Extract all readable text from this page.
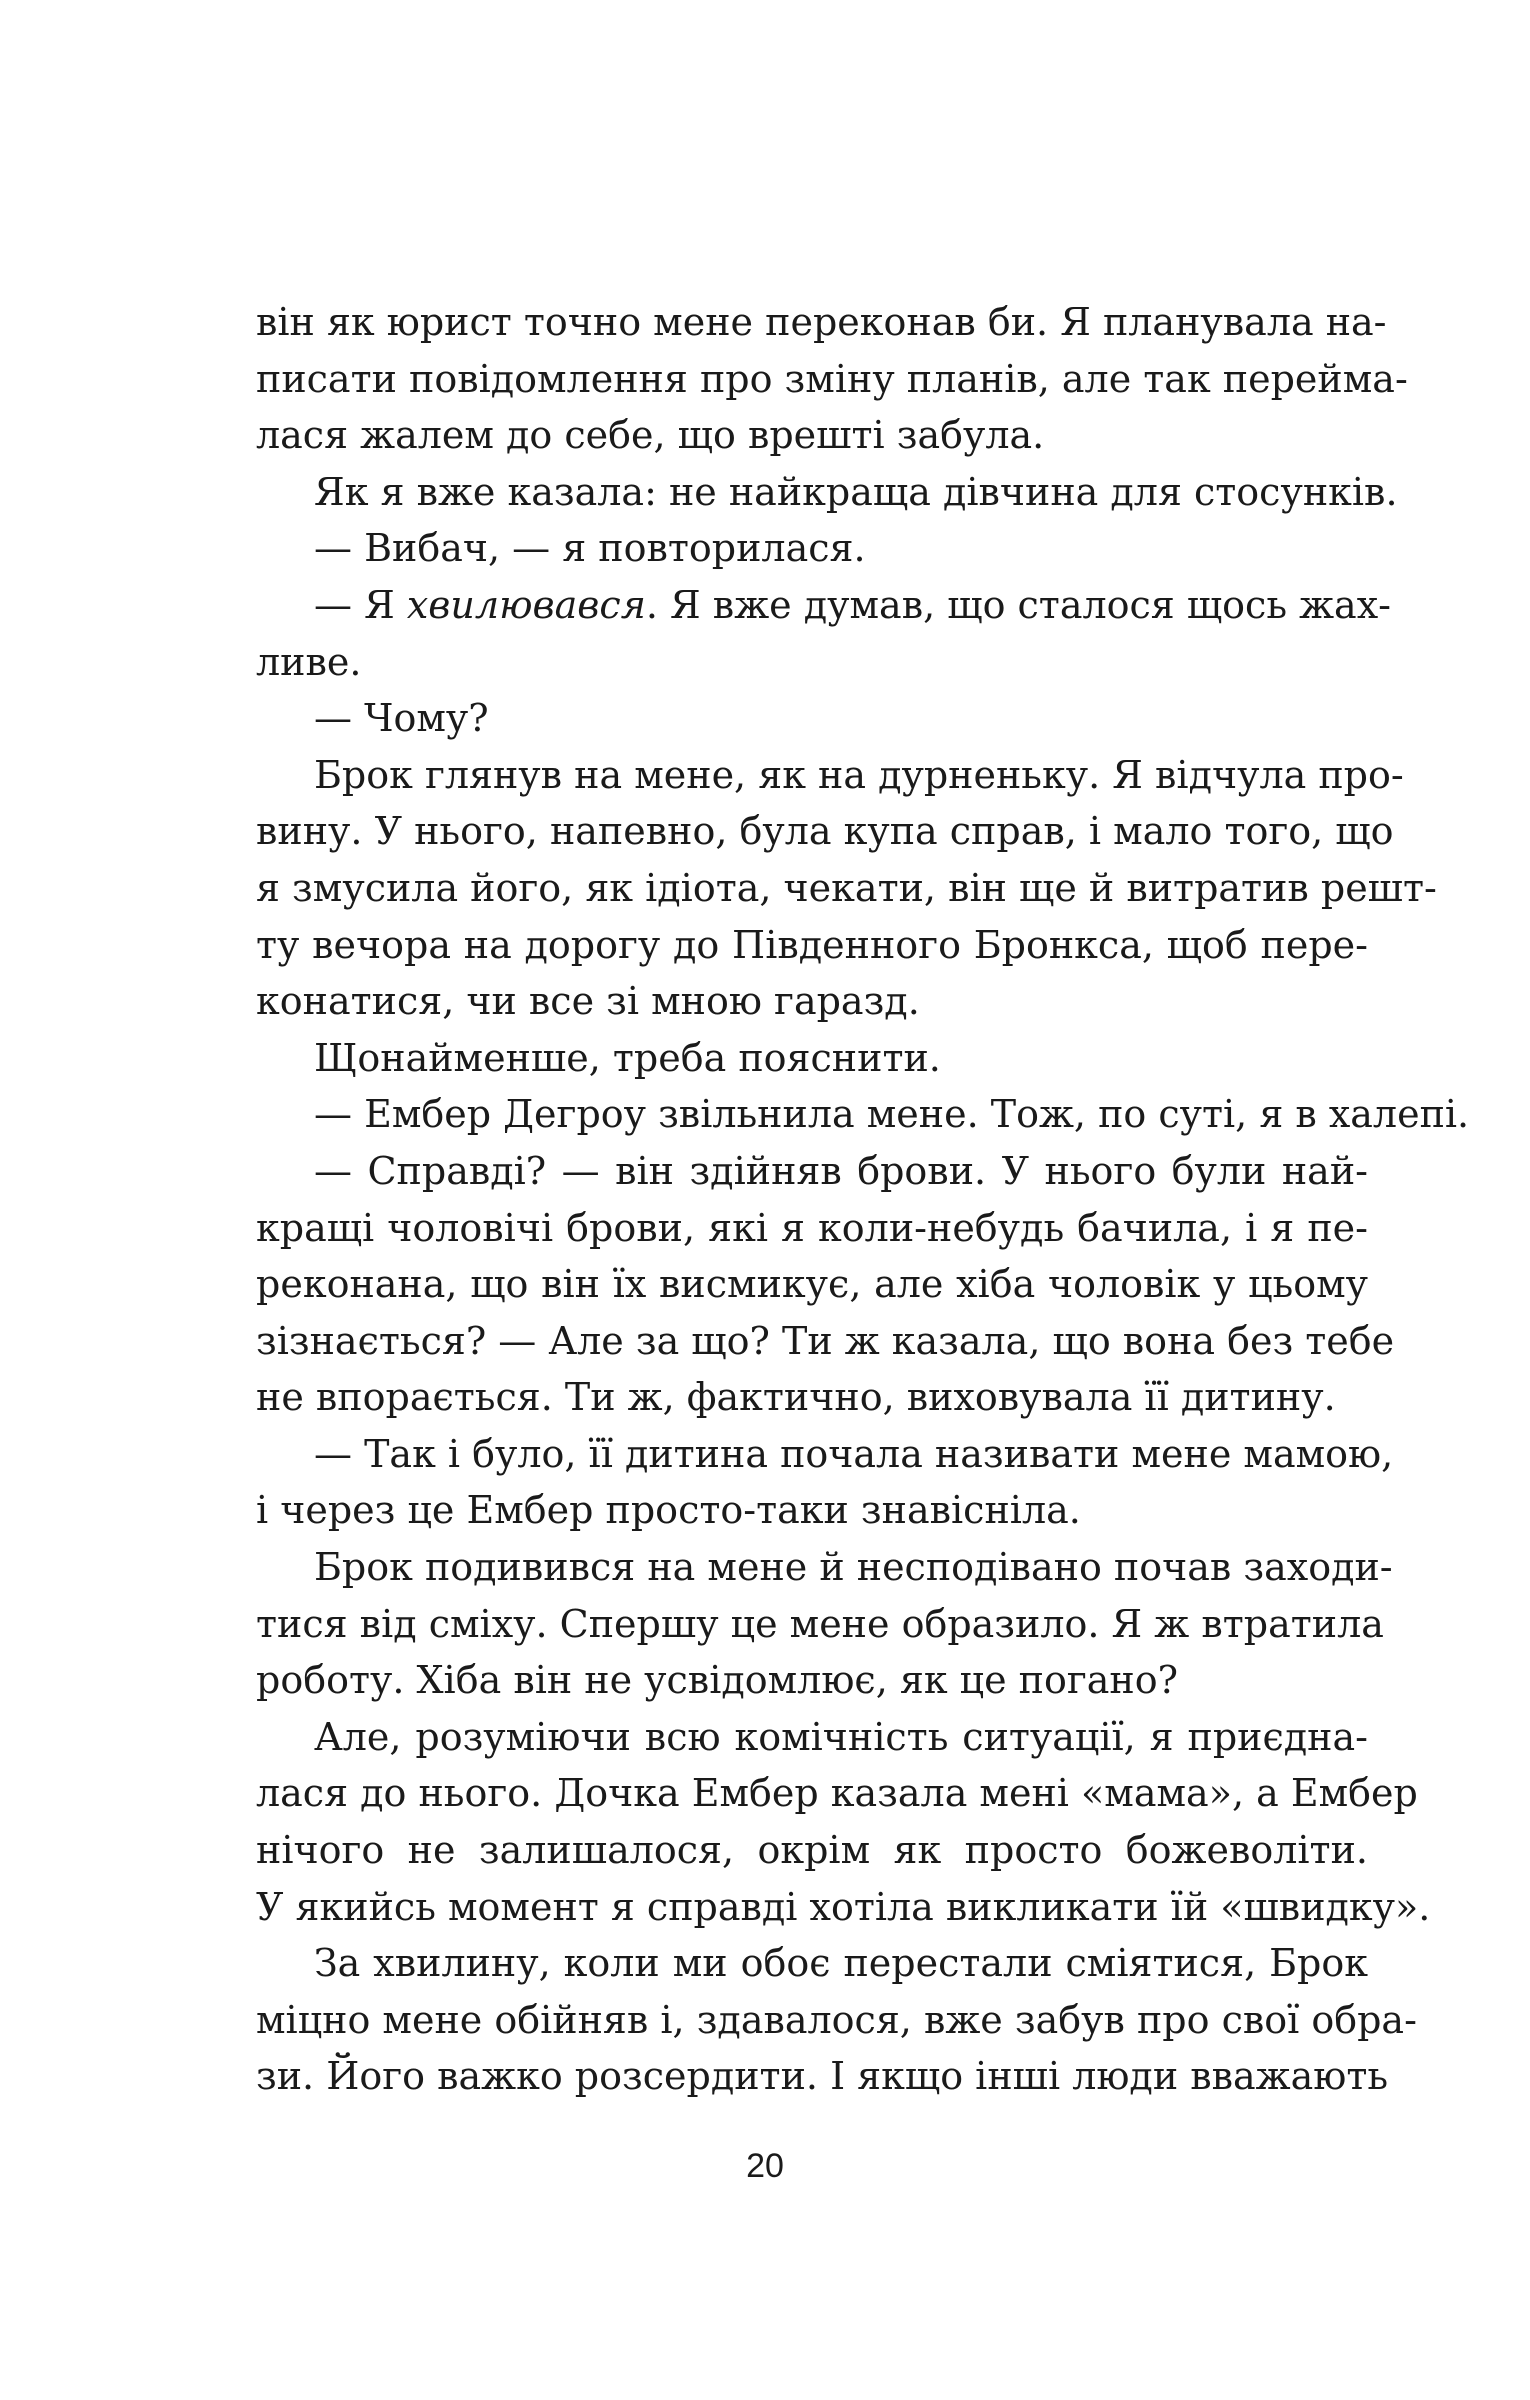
він як юрист точно мене переконав би. Я планувала на-
писати повідомлення про зміну планів, але так перейма-
лася жалем до себе, що врешті забула.
Як я вже казала: не найкраща дівчина для стосунків.
— Вибач, — я повторилася.
— Я хвилювався. Я вже думав, що сталося щось жах-
ливе.
— Чому?
Брок глянув на мене, як на дурненьку. Я відчула про-
вину. У нього, напевно, була купа справ, і мало того, що
я змусила його, як ідіота, чекати, він ще й витратив решт-
ту вечора на дорогу до Південного Бронкса, щоб пере-
конатися, чи все зі мною гаразд.
Щонайменше, треба пояснити.
— Ембер Дегроу звільнила мене. Тож, по суті, я в халепі.
— Справді? — він здійняв брови. У нього були най-
кращі чоловічі брови, які я коли-небудь бачила, і я пе-
реконана, що він їх висмикує, але хіба чоловік у цьому
зізнається? — Але за що? Ти ж казала, що вона без тебе
не впорається. Ти ж, фактично, виховувала її дитину.
— Так і було, її дитина почала називати мене мамою,
і через це Ембер просто-таки знавісніла.
Брок подивився на мене й несподівано почав заходи-
тися від сміху. Спершу це мене образило. Я ж втратила
роботу. Хіба він не усвідомлює, як це погано?
Але, розуміючи всю комічність ситуації, я приєдна-
лася до нього. Дочка Ембер казала мені «мама», а Ембер
нічого не залишалося, окрім як просто божеволіти.
У якийсь момент я справді хотіла викликати їй «швидку».
За хвилину, коли ми обоє перестали сміятися, Брок
міцно мене обійняв і, здавалося, вже забув про свої обра-
зи. Його важко розсердити. І якщо інші люди вважають
20
